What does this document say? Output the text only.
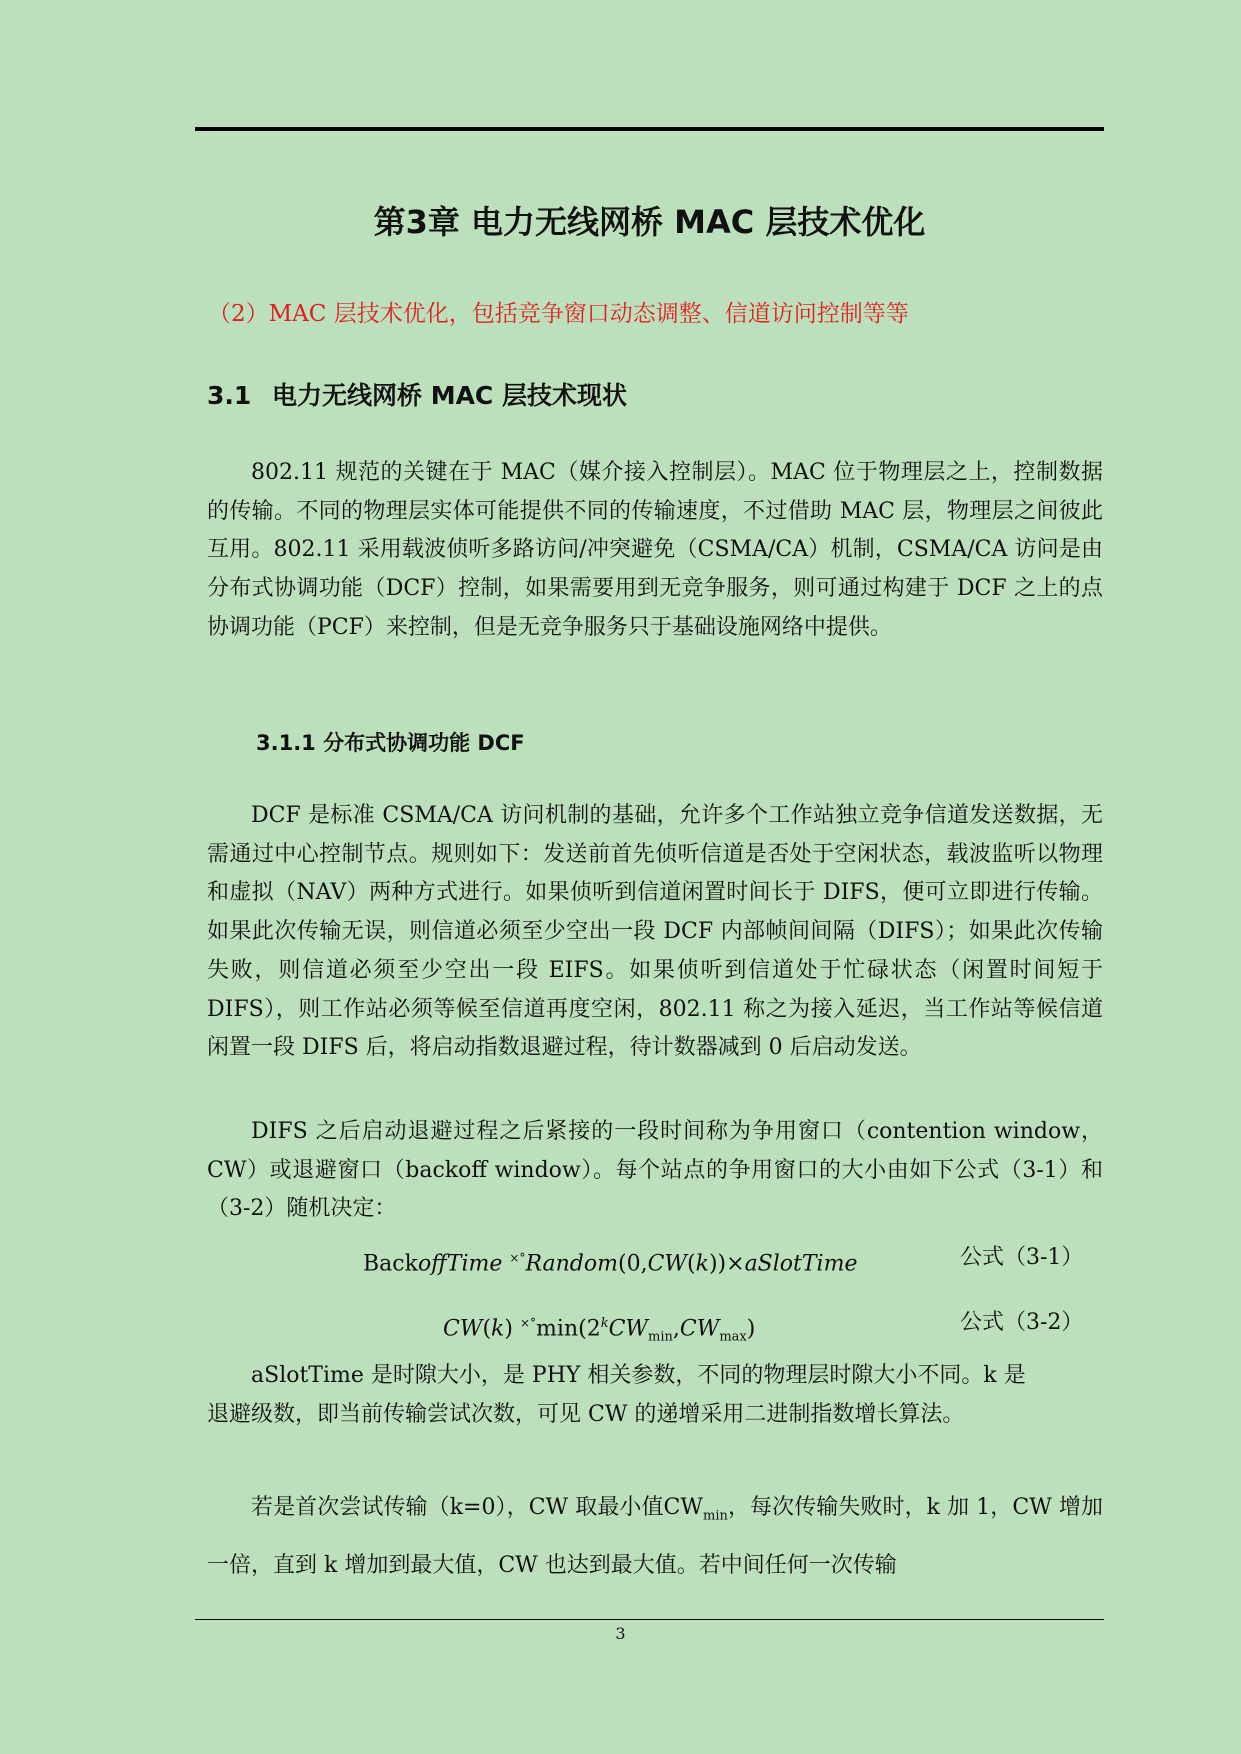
第3章 电力无线网桥 MAC 层技术优化
（2）MAC 层技术优化，包括竞争窗口动态调整、信道访问控制等等
3.1 电力无线网桥 MAC 层技术现状

802.11 规范的关键在于 MAC（媒介接入控制层）。MAC 位于物理层之上，控制数据的传输。不同的物理层实体可能提供不同的传输速度，不过借助 MAC 层，物理层之间彼此互用。802.11 采用载波侦听多路访问/冲突避免（CSMA/CA）机制，CSMA/CA 访问是由分布式协调功能（DCF）控制，如果需要用到无竞争服务，则可通过构建于 DCF 之上的点协调功能（PCF）来控制，但是无竞争服务只于基础设施网络中提供。

3.1.1 分布式协调功能 DCF

DCF 是标准 CSMA/CA 访问机制的基础，允许多个工作站独立竞争信道发送数据，无需通过中心控制节点。规则如下：发送前首先侦听信道是否处于空闲状态，载波监听以物理和虚拟（NAV）两种方式进行。如果侦听到信道闲置时间长于 DIFS，便可立即进行传输。如果此次传输无误，则信道必须至少空出一段 DCF 内部帧间间隔（DIFS）；如果此次传输失败，则信道必须至少空出一段 EIFS。如果侦听到信道处于忙碌状态（闲置时间短于 DIFS），则工作站必须等候至信道再度空闲，802.11 称之为接入延迟，当工作站等候信道闲置一段 DIFS 后，将启动指数退避过程，待计数器减到 0 后启动发送。

DIFS 之后启动退避过程之后紧接的一段时间称为争用窗口（contention window，CW）或退避窗口（backoff window）。每个站点的争用窗口的大小由如下公式（3-1）和（3-2）随机决定：

BackoffTime ×°Random(0,CW(k))×aSlotTime	公式（3-1）
CW(k) $^{\times^\circ}\min(2^kCW_{min},CW_{max})$	公式（3-2）

aSlotTime 是时隙大小，是 PHY 相关参数，不同的物理层时隙大小不同。k 是
退避级数，即当前传输尝试次数，可见 CW 的递增采用二进制指数增长算法。

若是首次尝试传输（k=0），CW 取最小值$CW_{min}$，每次传输失败时，k 加 1，CW 增加一倍，直到 k 增加到最大值，CW 也达到最大值。若中间任何一次传输

3
